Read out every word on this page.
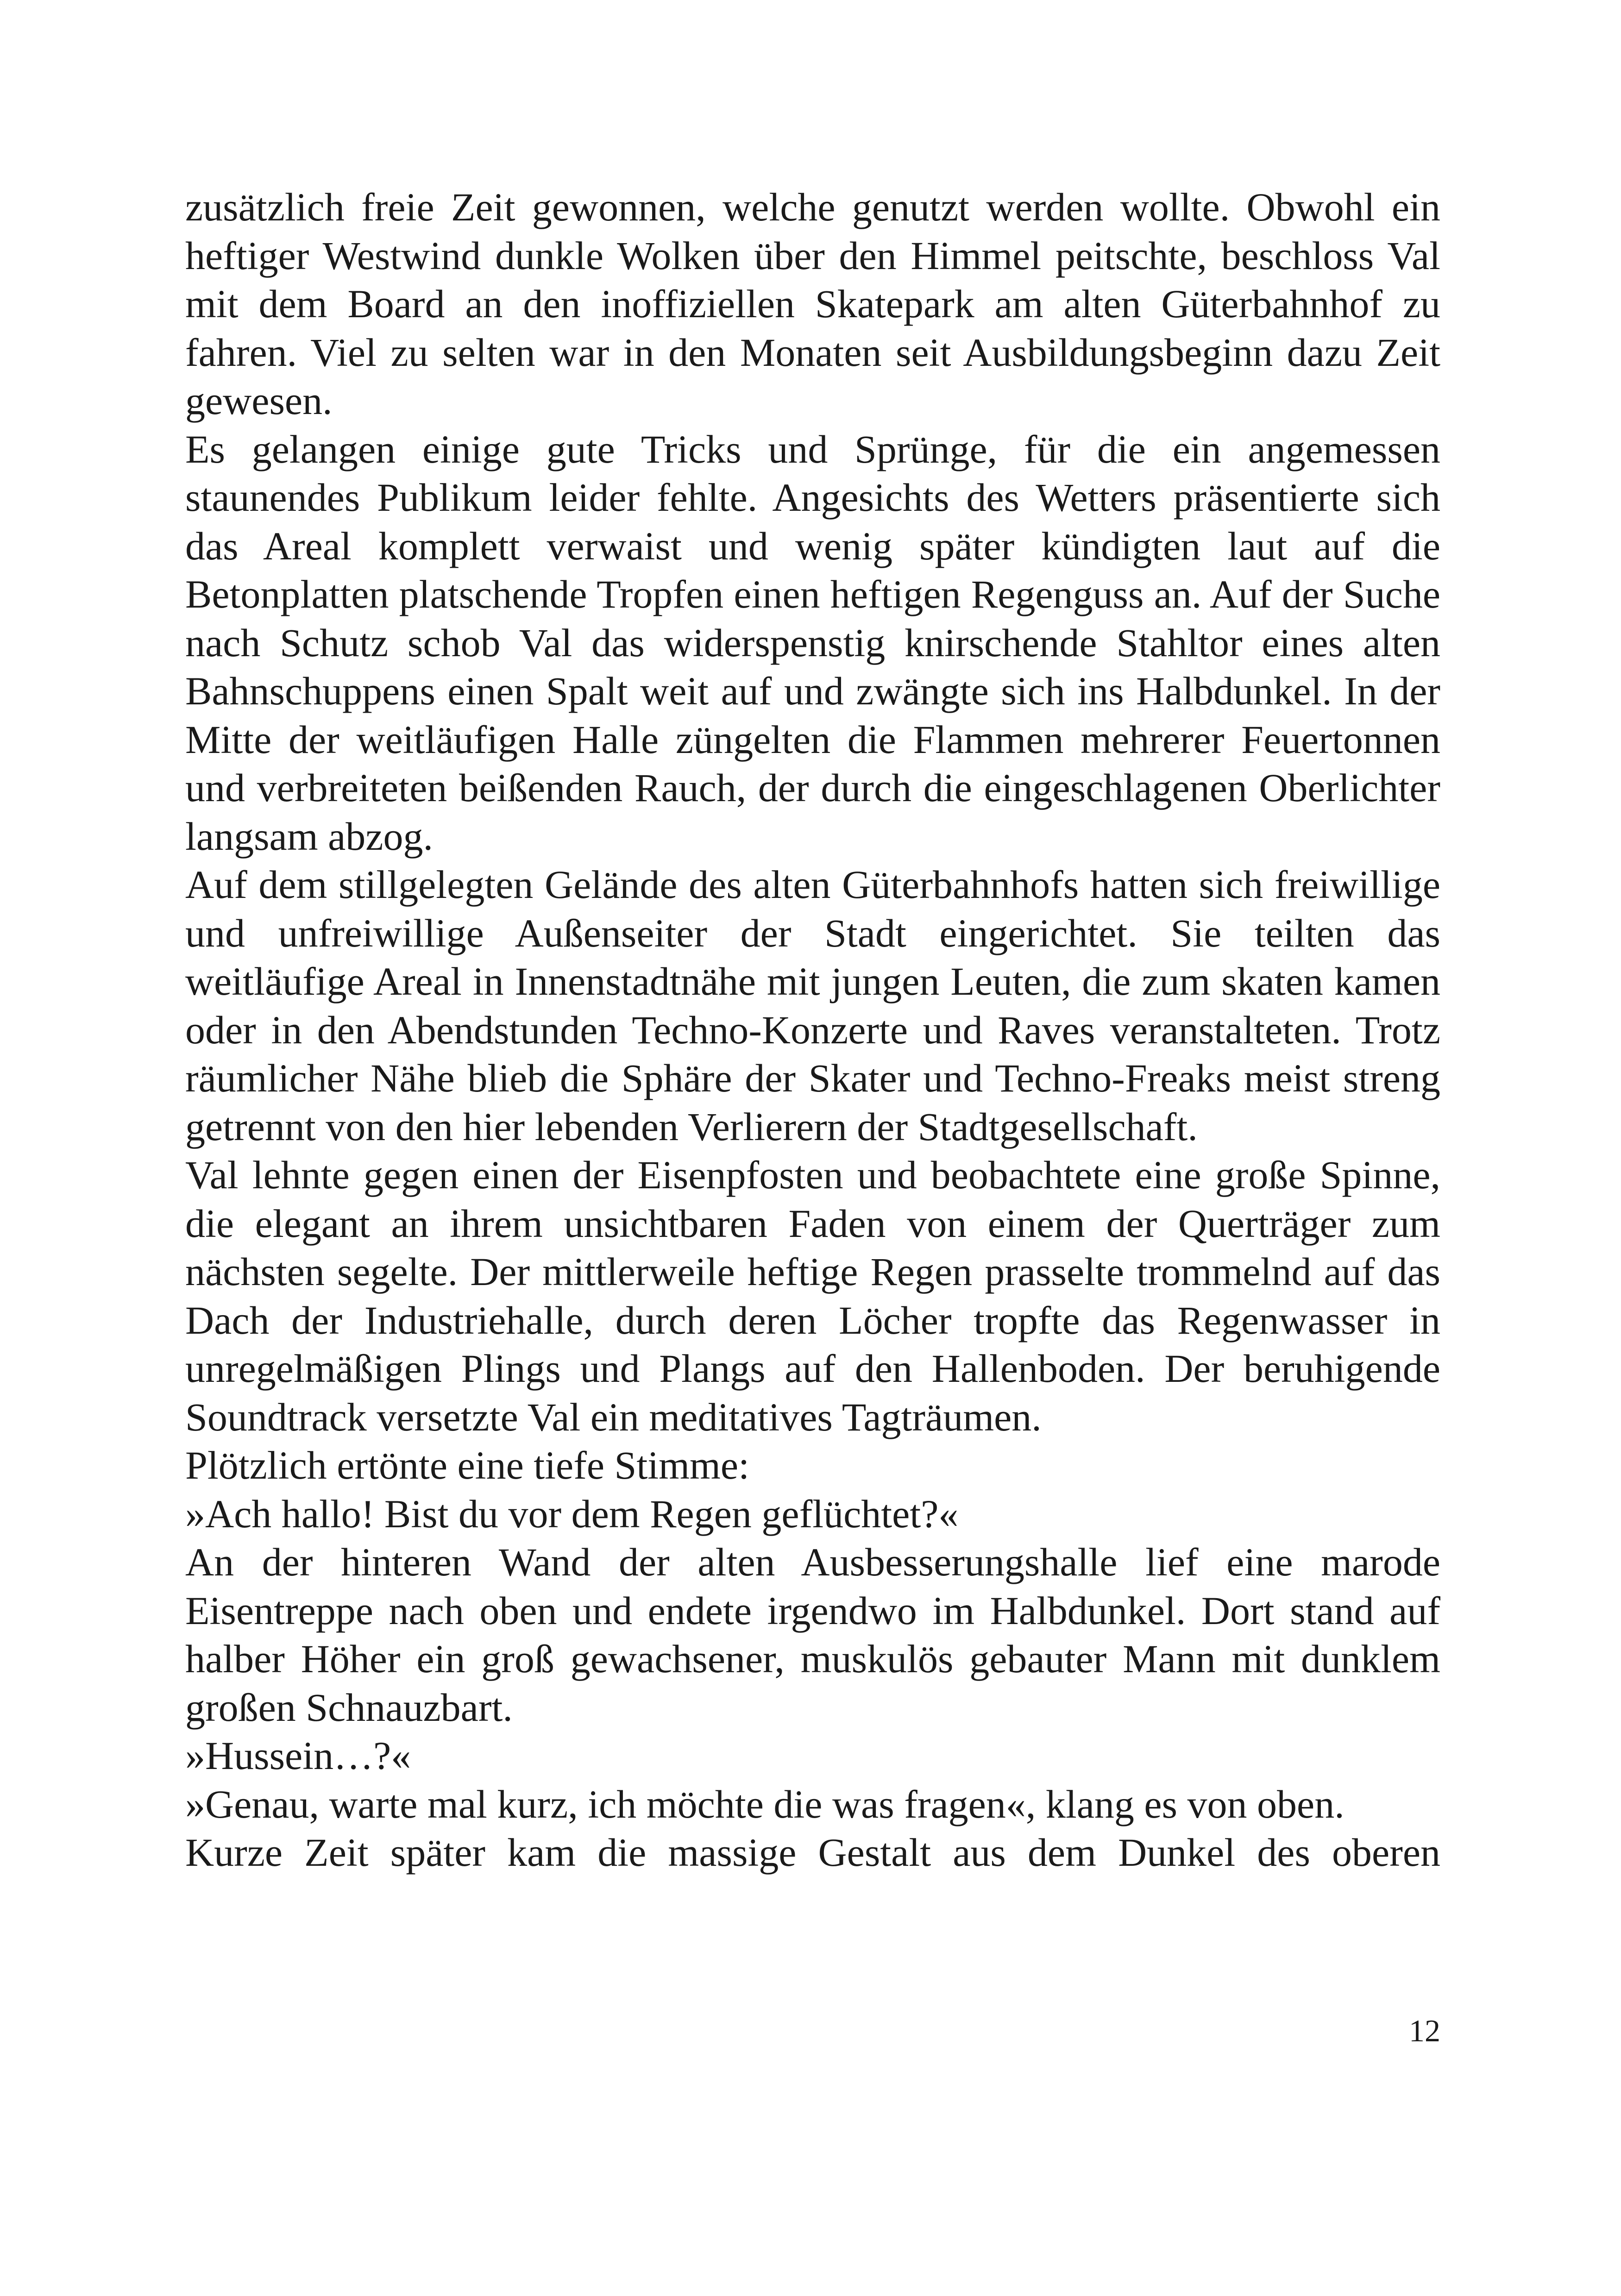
zusätzlich freie Zeit gewonnen, welche genutzt werden wollte. Obwohl ein heftiger Westwind dunkle Wolken über den Himmel peitschte, beschloss Val mit dem Board an den inoffiziellen Skatepark am alten Güterbahnhof zu fahren. Viel zu selten war in den Monaten seit Ausbildungsbeginn dazu Zeit gewesen.

Es gelangen einige gute Tricks und Sprünge, für die ein angemessen staunendes Publikum leider fehlte. Angesichts des Wetters präsentierte sich das Areal komplett verwaist und wenig später kündigten laut auf die Betonplatten platschende Tropfen einen heftigen Regenguss an. Auf der Suche nach Schutz schob Val das widerspenstig knirschende Stahltor eines alten Bahnschuppens einen Spalt weit auf und zwängte sich ins Halbdunkel. In der Mitte der weitläufigen Halle züngelten die Flammen mehrerer Feuertonnen und verbreiteten beißenden Rauch, der durch die eingeschlagenen Oberlichter langsam abzog.

Auf dem stillgelegten Gelände des alten Güterbahnhofs hatten sich freiwillige und unfreiwillige Außenseiter der Stadt eingerichtet. Sie teilten das weitläufige Areal in Innenstadtnähe mit jungen Leuten, die zum skaten kamen oder in den Abendstunden Techno-Konzerte und Raves veranstalteten. Trotz räumlicher Nähe blieb die Sphäre der Skater und Techno-Freaks meist streng getrennt von den hier lebenden Verlierern der Stadtgesellschaft.

Val lehnte gegen einen der Eisenpfosten und beobachtete eine große Spinne, die elegant an ihrem unsichtbaren Faden von einem der Querträger zum nächsten segelte. Der mittlerweile heftige Regen prasselte trommelnd auf das Dach der Industriehalle, durch deren Löcher tropfte das Regenwasser in unregelmäßigen Plings und Plangs auf den Hallenboden. Der beruhigende Soundtrack versetzte Val ein meditatives Tagträumen.

Plötzlich ertönte eine tiefe Stimme:

»Ach hallo! Bist du vor dem Regen geflüchtet?«

An der hinteren Wand der alten Ausbesserungshalle lief eine marode Eisentreppe nach oben und endete irgendwo im Halbdunkel. Dort stand auf halber Höher ein groß gewachsener, muskulös gebauter Mann mit dunklem großen Schnauzbart.

»Hussein…?«

»Genau, warte mal kurz, ich möchte die was fragen«, klang es von oben.

Kurze Zeit später kam die massige Gestalt aus dem Dunkel des oberen

12
